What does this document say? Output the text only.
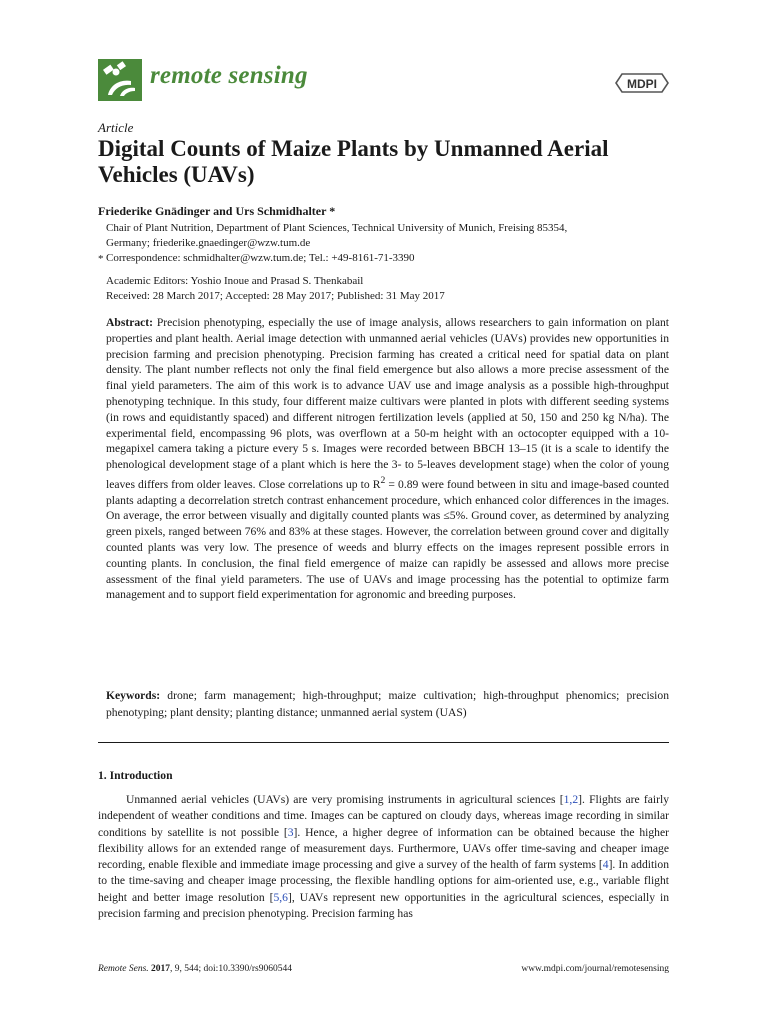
remote sensing	MDPI
Article
Digital Counts of Maize Plants by Unmanned Aerial Vehicles (UAVs)
Friederike Gnädinger and Urs Schmidhalter *

Chair of Plant Nutrition, Department of Plant Sciences, Technical University of Munich, Freising 85354,

Germany; friederike.gnaedinger@wzw.tum.de

Correspondence: schmidhalter@wzw.tum.de; Tel.: +49-8161-71-3390

*

Academic Editors: Yoshio Inoue and Prasad S. Thenkabail

Received: 28 March 2017; Accepted: 28 May 2017; Published: 31 May 2017

Abstract: Precision phenotyping, especially the use of image analysis, allows researchers to gain information on plant properties and plant health. Aerial image detection with unmanned aerial vehicles (UAVs) provides new opportunities in precision farming and precision phenotyping. Precision farming has created a critical need for spatial data on plant density. The plant number reflects not only the final field emergence but also allows a more precise assessment of the final yield parameters. The aim of this work is to advance UAV use and image analysis as a possible high-throughput phenotyping technique. In this study, four different maize cultivars were planted in plots with different seeding systems (in rows and equidistantly spaced) and different nitrogen fertilization levels (applied at 50, 150 and 250 kg N/ha). The experimental field, encompassing 96 plots, was overflown at a 50-m height with an octocopter equipped with a 10-megapixel camera taking a picture every 5 s. Images were recorded between BBCH 13–15 (it is a scale to identify the phenological development stage of a plant which is here the 3- to 5-leaves development stage) when the color of young leaves differs from older leaves. Close correlations up to $R^2 = 0.89$ were found between in situ and image-based counted plants adapting a decorrelation stretch contrast enhancement procedure, which enhanced color differences in the images. On average, the error between visually and digitally counted plants was ≤5%. Ground cover, as determined by analyzing green pixels, ranged between 76% and 83% at these stages. However, the correlation between ground cover and digitally counted plants was very low. The presence of weeds and blurry effects on the images represent possible errors in counting plants. In conclusion, the final field emergence of maize can rapidly be assessed and allows more precise assessment of the final yield parameters. The use of UAVs and image processing has the potential to optimize farm management and to support field experimentation for agronomic and breeding purposes.

Keywords: drone; farm management; high-throughput; maize cultivation; high-throughput phenomics; precision phenotyping; plant density; planting distance; unmanned aerial system (UAS)

1. Introduction

Unmanned aerial vehicles (UAVs) are very promising instruments in agricultural sciences [1,2]. Flights are fairly independent of weather conditions and time. Images can be captured on cloudy days, whereas image recording in similar conditions by satellite is not possible [3]. Hence, a higher degree of information can be obtained because the higher flexibility allows for an extended range of measurement days. Furthermore, UAVs offer time-saving and cheaper image recording, enable flexible and immediate image processing and give a survey of the health of farm systems [4]. In addition to the time-saving and cheaper image processing, the flexible handling options for aim-oriented use, e.g., variable flight height and better image resolution [5,6], UAVs represent new opportunities in the agricultural sciences, especially in precision farming and precision phenotyping. Precision farming has

Remote Sens. 2017, 9, 544; doi:10.3390/rs9060544	www.mdpi.com/journal/remotesensing
